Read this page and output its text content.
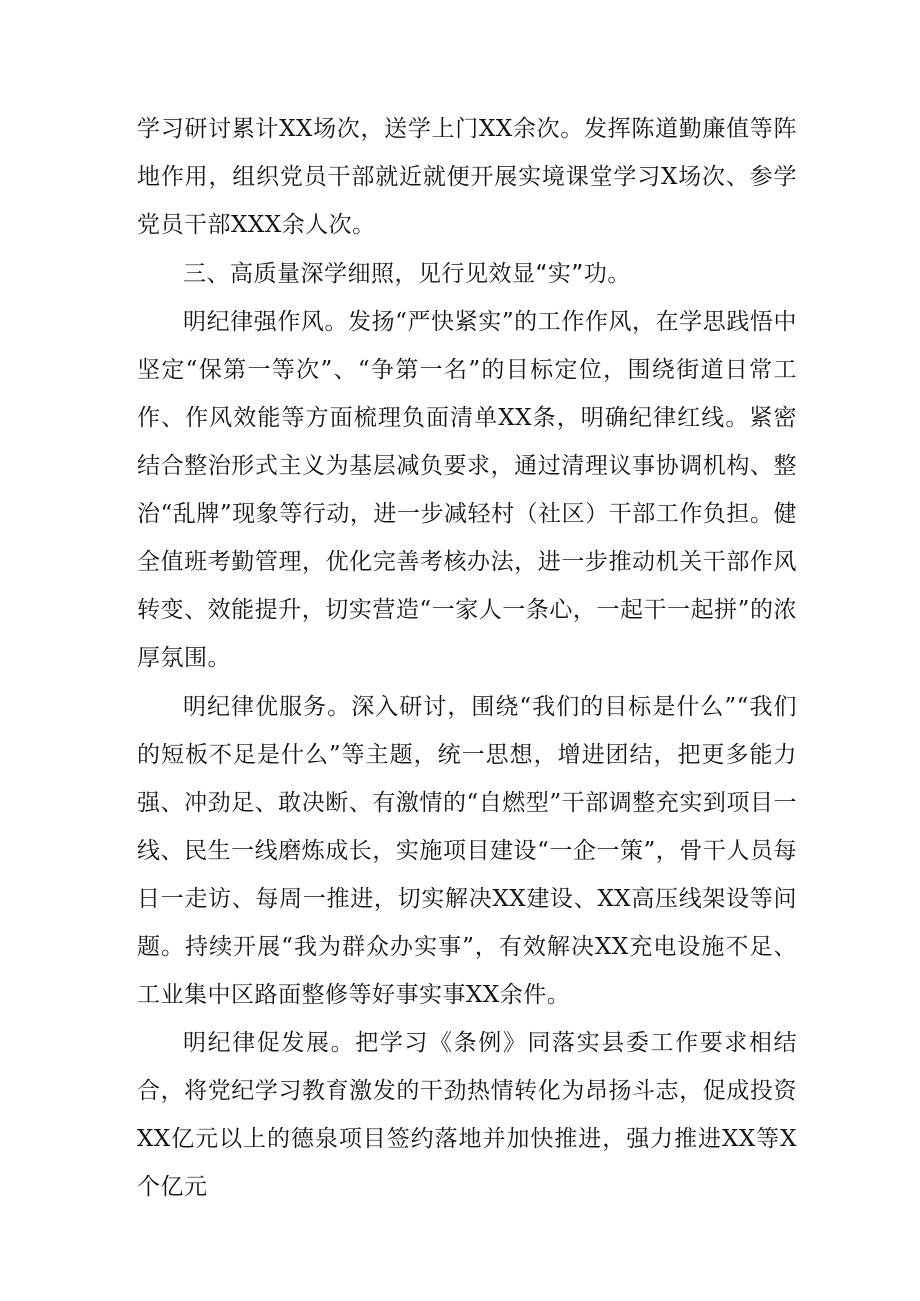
学习研讨累计XX场次，送学上门XX余次。发挥陈道勤廉值等阵地作用，组织党员干部就近就便开展实境课堂学习X场次、参学党员干部XXX余人次。

三、高质量深学细照，见行见效显“实”功。

明纪律强作风。发扬“严快紧实”的工作作风，在学思践悟中坚定“保第一等次”、“争第一名”的目标定位，围绕街道日常工作、作风效能等方面梳理负面清单XX条，明确纪律红线。紧密结合整治形式主义为基层减负要求，通过清理议事协调机构、整治“乱牌”现象等行动，进一步减轻村（社区）干部工作负担。健全值班考勤管理，优化完善考核办法，进一步推动机关干部作风转变、效能提升，切实营造“一家人一条心，一起干一起拼”的浓厚氛围。

明纪律优服务。深入研讨，围绕“我们的目标是什么”“我们的短板不足是什么”等主题，统一思想，增进团结，把更多能力强、冲劲足、敢决断、有激情的“自燃型”干部调整充实到项目一线、民生一线磨炼成长，实施项目建设“一企一策”，骨干人员每日一走访、每周一推进，切实解决XX建设、XX高压线架设等问题。持续开展“我为群众办实事”，有效解决XX充电设施不足、工业集中区路面整修等好事实事XX余件。

明纪律促发展。把学习《条例》同落实县委工作要求相结合，将党纪学习教育激发的干劲热情转化为昂扬斗志，促成投资XX亿元以上的德泉项目签约落地并加快推进，强力推进XX等X个亿元
